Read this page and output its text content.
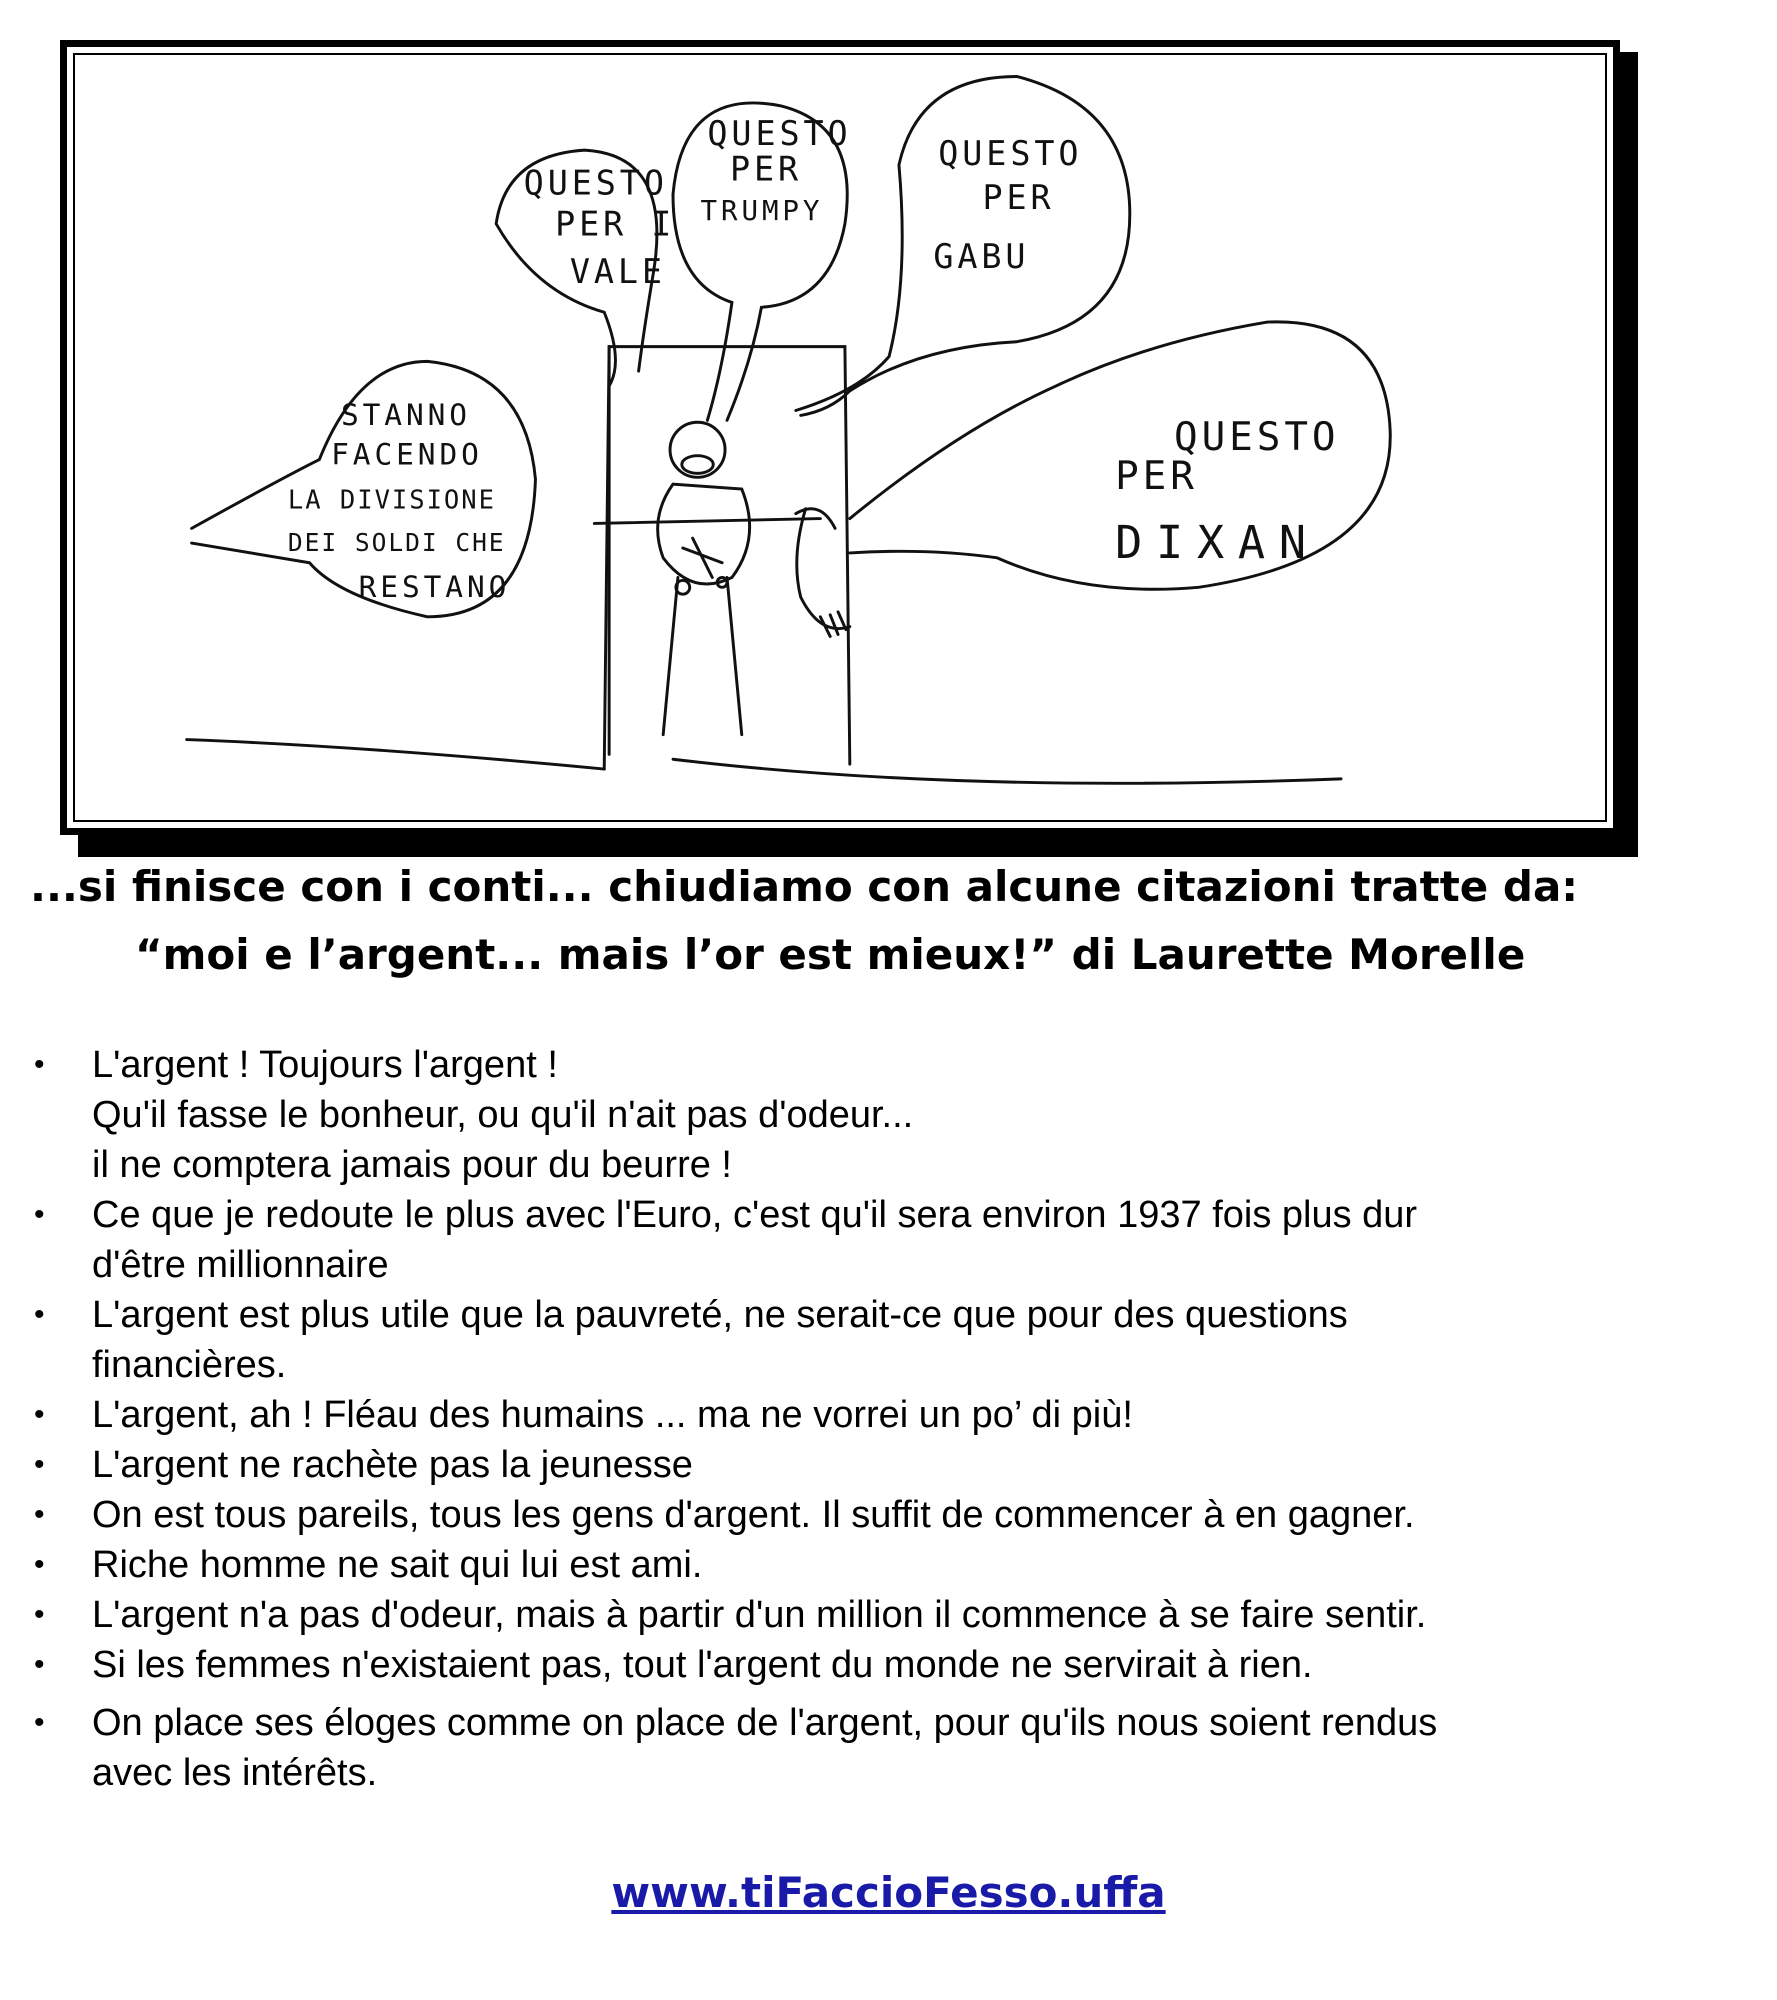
QUESTO
PER I
VALE
QUESTO
PER
TRUMPY
QUESTO
PER
GABU
QUESTO
PER
DIXAN
STANNO
FACENDO
LA DIVISIONE
DEI SOLDI CHE
RESTANO
...si finisce con i conti... chiudiamo con alcune citazioni tratte da:
“moi e l’argent... mais l’or est mieux!” di Laurette Morelle
• L'argent ! Toujours l'argent !
Qu'il fasse le bonheur, ou qu'il n'ait pas d'odeur...
il ne comptera jamais pour du beurre !
• Ce que je redoute le plus avec l'Euro, c'est qu'il sera environ 1937 fois plus dur
d'être millionnaire
• L'argent est plus utile que la pauvreté, ne serait-ce que pour des questions
financières.
• L'argent, ah ! Fléau des humains ... ma ne vorrei un po’ di più!
• L'argent ne rachète pas la jeunesse
• On est tous pareils, tous les gens d'argent. Il suffit de commencer à en gagner.
• Riche homme ne sait qui lui est ami.
• L'argent n'a pas d'odeur, mais à partir d'un million il commence à se faire sentir.
• Si les femmes n'existaient pas, tout l'argent du monde ne servirait à rien.
• On place ses éloges comme on place de l'argent, pour qu'ils nous soient rendus
avec les intérêts.
www.tiFaccioFesso.uffa
